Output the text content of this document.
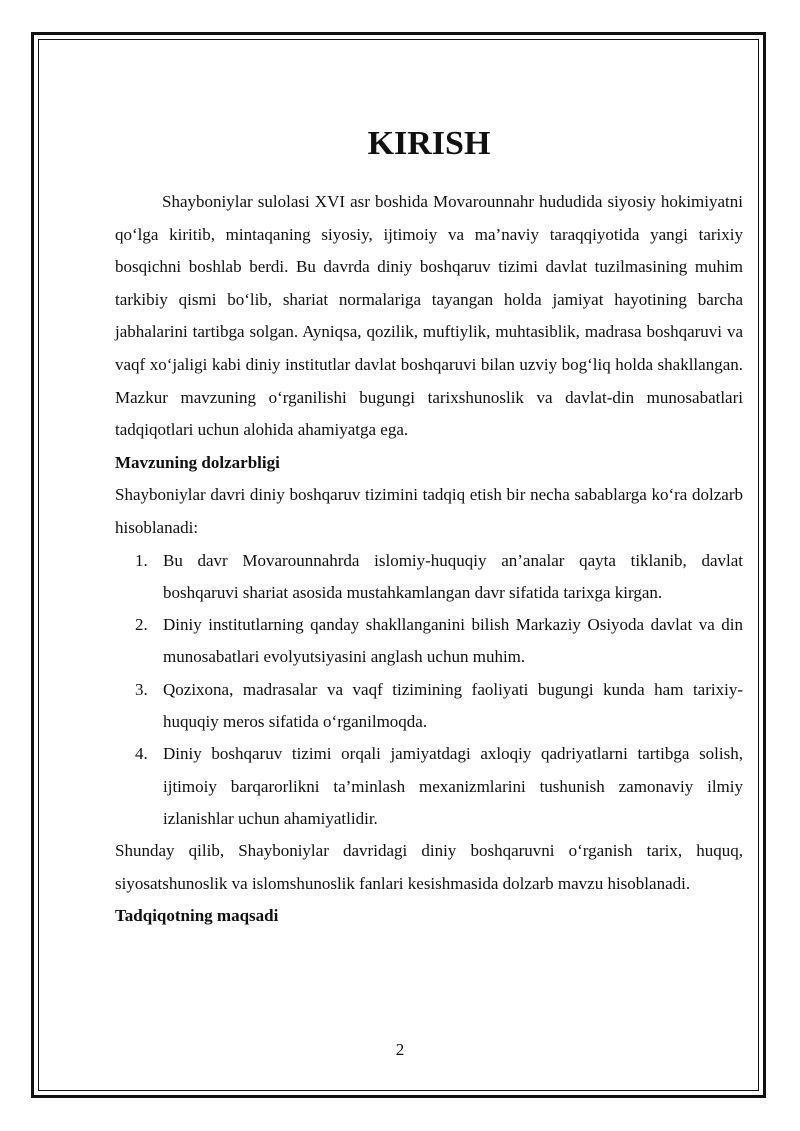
KIRISH

Shayboniylar sulolasi XVI asr boshida Movarounnahr hududida siyosiy hokimiyatni qo‘lga kiritib, mintaqaning siyosiy, ijtimoiy va ma’naviy taraqqiyotida yangi tarixiy bosqichni boshlab berdi. Bu davrda diniy boshqaruv tizimi davlat tuzilmasining muhim tarkibiy qismi bo‘lib, shariat normalariga tayangan holda jamiyat hayotining barcha jabhalarini tartibga solgan. Ayniqsa, qozilik, muftiylik, muhtasiblik, madrasa boshqaruvi va vaqf xo‘jaligi kabi diniy institutlar davlat boshqaruvi bilan uzviy bog‘liq holda shakllangan. Mazkur mavzuning o‘rganilishi bugungi tarixshunoslik va davlat-din munosabatlari tadqiqotlari uchun alohida ahamiyatga ega.

Mavzuning dolzarbligi

Shayboniylar davri diniy boshqaruv tizimini tadqiq etish bir necha sabablarga ko‘ra dolzarb hisoblanadi:

1. Bu davr Movarounnahrda islomiy-huquqiy an’analar qayta tiklanib, davlat boshqaruvi shariat asosida mustahkamlangan davr sifatida tarixga kirgan.
2. Diniy institutlarning qanday shakllanganini bilish Markaziy Osiyoda davlat va din munosabatlari evolyutsiyasini anglash uchun muhim.
3. Qozixona, madrasalar va vaqf tizimining faoliyati bugungi kunda ham tarixiy-huquqiy meros sifatida o‘rganilmoqda.
4. Diniy boshqaruv tizimi orqali jamiyatdagi axloqiy qadriyatlarni tartibga solish, ijtimoiy barqarorlikni ta’minlash mexanizmlarini tushunish zamonaviy ilmiy izlanishlar uchun ahamiyatlidir.

Shunday qilib, Shayboniylar davridagi diniy boshqaruvni o‘rganish tarix, huquq, siyosatshunoslik va islomshunoslik fanlari kesishmasida dolzarb mavzu hisoblanadi.

Tadqiqotning maqsadi

2
